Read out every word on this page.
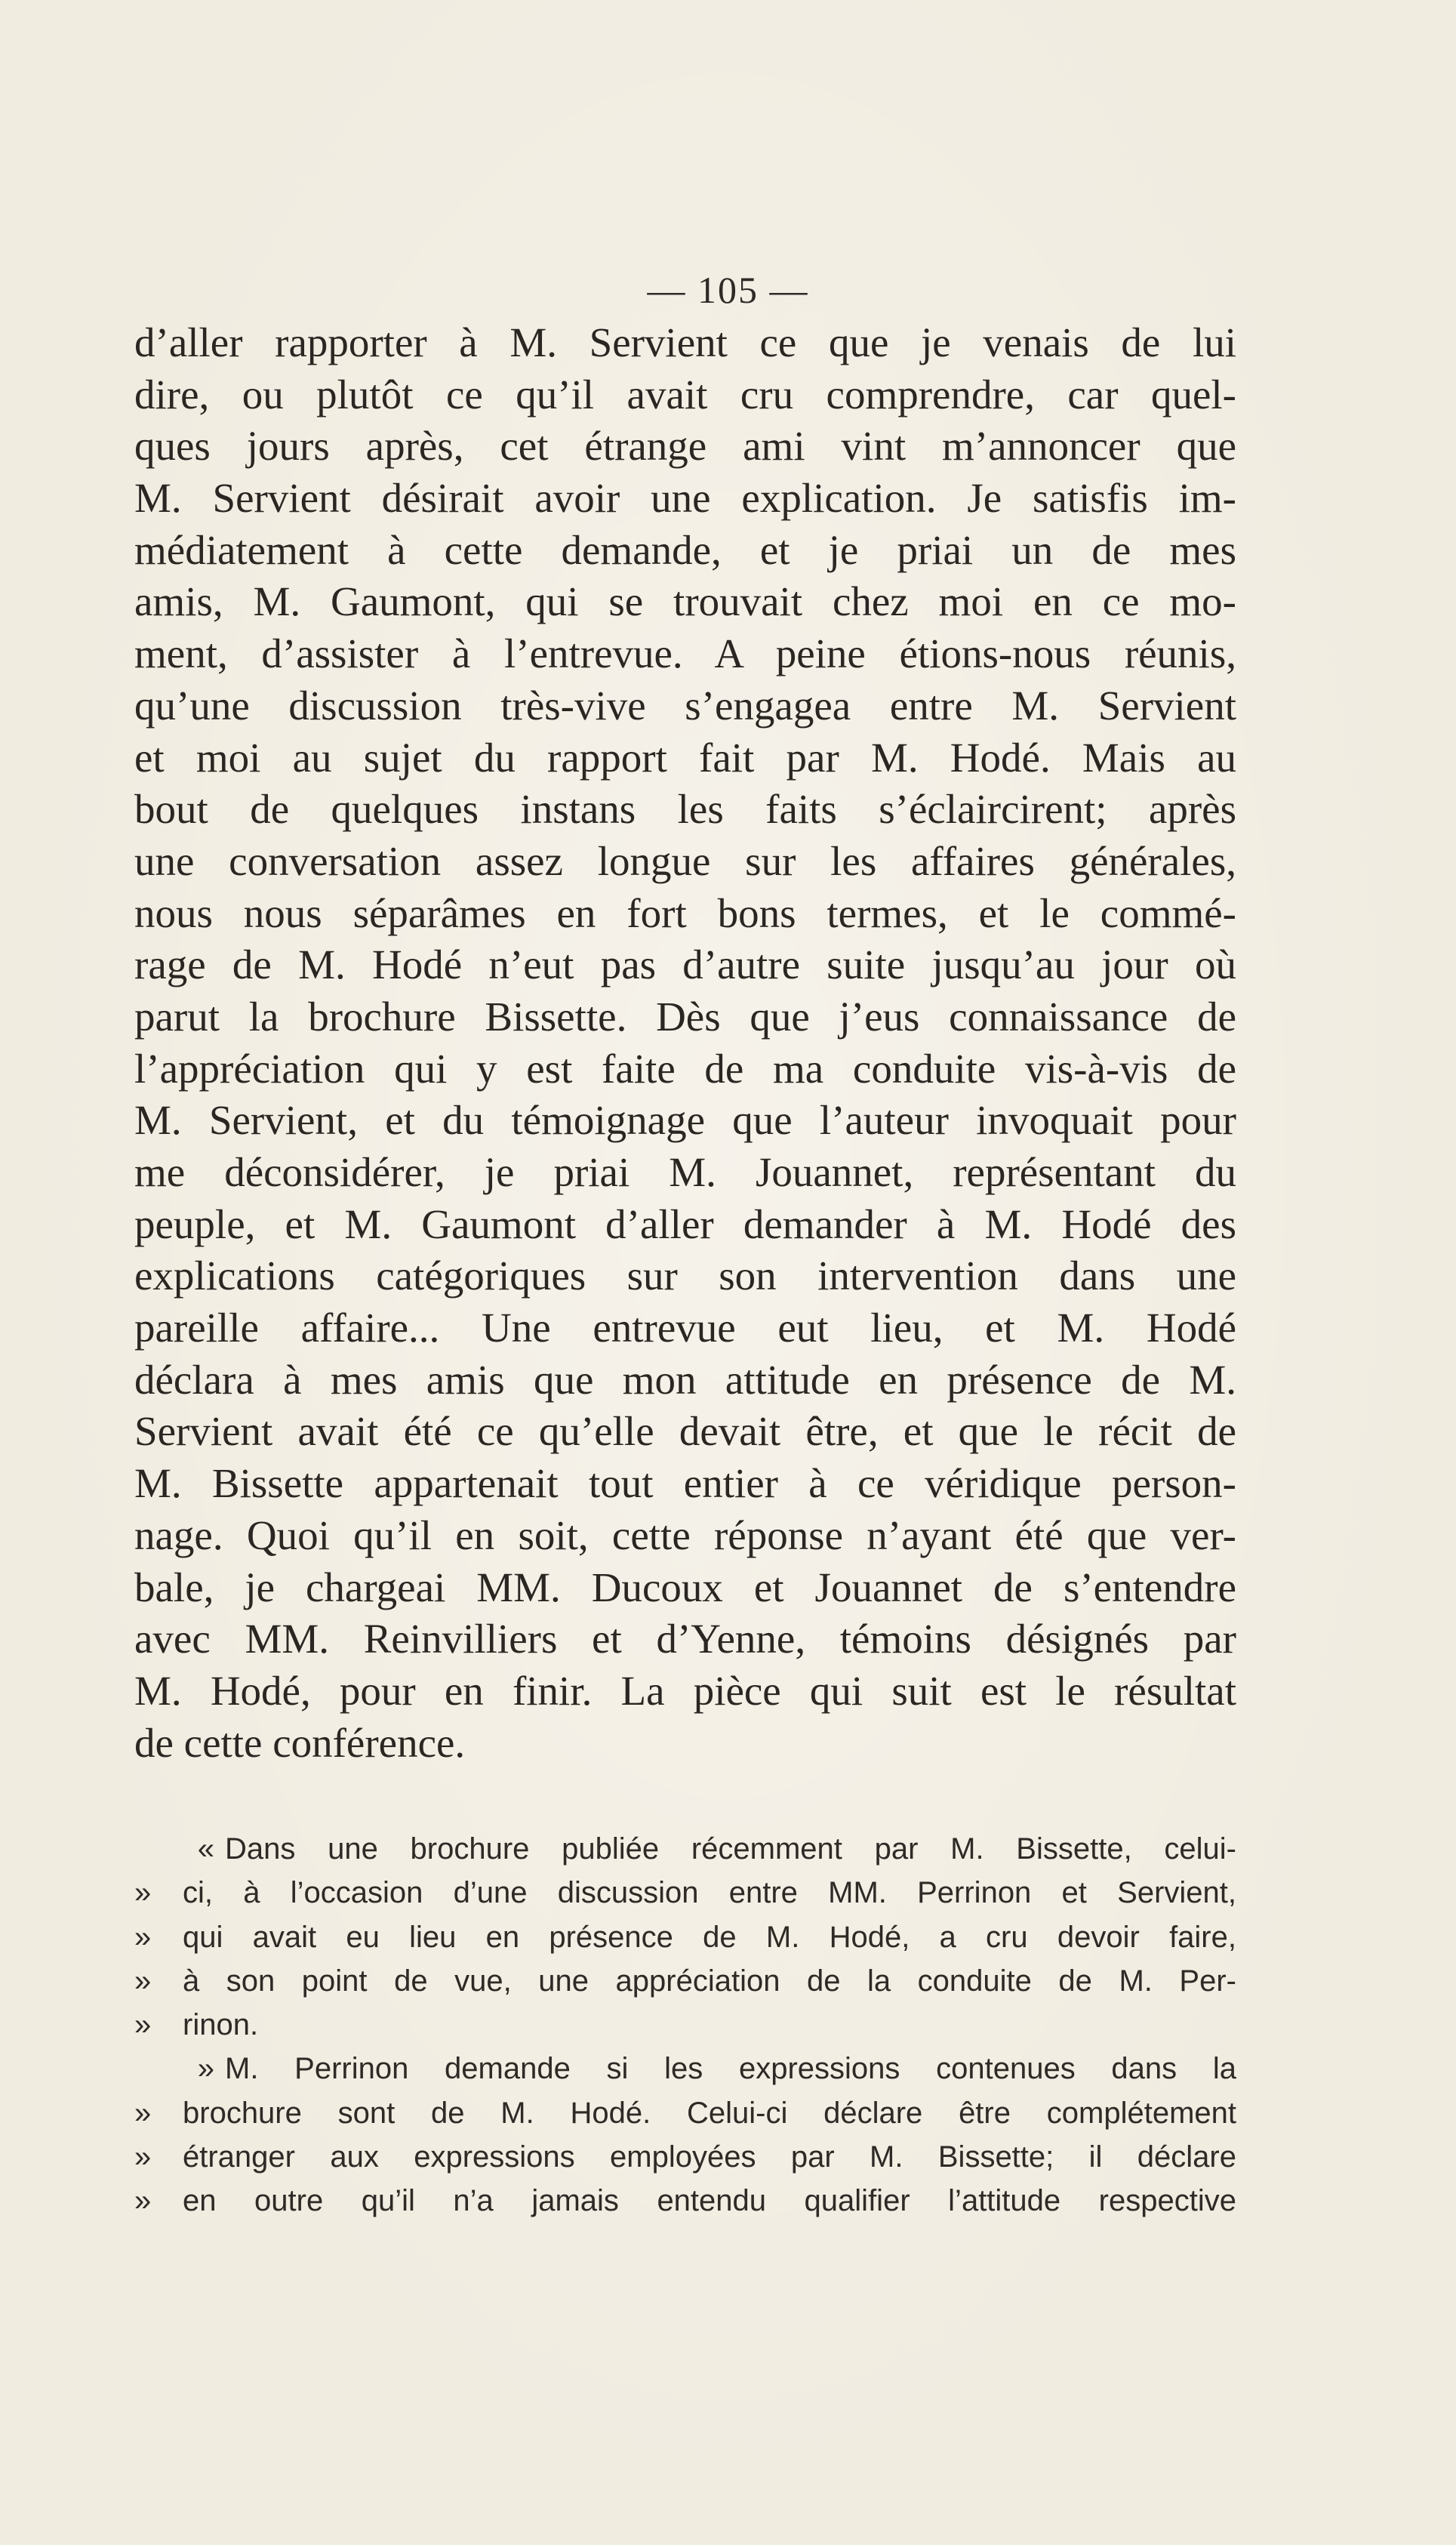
— 105 —
d’aller rapporter à M. Servient ce que je venais de lui
dire, ou plutôt ce qu’il avait cru comprendre, car quel-
ques jours après, cet étrange ami vint m’annoncer que
M. Servient désirait avoir une explication. Je satisfis im-
médiatement à cette demande, et je priai un de mes
amis, M. Gaumont, qui se trouvait chez moi en ce mo-
ment, d’assister à l’entrevue. A peine étions-nous réunis,
qu’une discussion très-vive s’engagea entre M. Servient
et moi au sujet du rapport fait par M. Hodé. Mais au
bout de quelques instans les faits s’éclaircirent; après
une conversation assez longue sur les affaires générales,
nous nous séparâmes en fort bons termes, et le commé-
rage de M. Hodé n’eut pas d’autre suite jusqu’au jour où
parut la brochure Bissette. Dès que j’eus connaissance de
l’appréciation qui y est faite de ma conduite vis-à-vis de
M. Servient, et du témoignage que l’auteur invoquait pour
me déconsidérer, je priai M. Jouannet, représentant du
peuple, et M. Gaumont d’aller demander à M. Hodé des
explications catégoriques sur son intervention dans une
pareille affaire... Une entrevue eut lieu, et M. Hodé
déclara à mes amis que mon attitude en présence de M.
Servient avait été ce qu’elle devait être, et que le récit de
M. Bissette appartenait tout entier à ce véridique person-
nage. Quoi qu’il en soit, cette réponse n’ayant été que ver-
bale, je chargeai MM. Ducoux et Jouannet de s’entendre
avec MM. Reinvilliers et d’Yenne, témoins désignés par
M. Hodé, pour en finir. La pièce qui suit est le résultat
de cette conférence.
« Dans une brochure publiée récemment par M. Bissette, celui-
»	ci, à l’occasion d’une discussion entre MM. Perrinon et Servient,
»	qui avait eu lieu en présence de M. Hodé, a cru devoir faire,
»	à son point de vue, une appréciation de la conduite de M. Per-
»	rinon.
» M. Perrinon demande si les expressions contenues dans la
»	brochure sont de M. Hodé. Celui-ci déclare être complétement
»	étranger aux expressions employées par M. Bissette; il déclare
»	en outre qu’il n’a jamais entendu qualifier l’attitude respective
